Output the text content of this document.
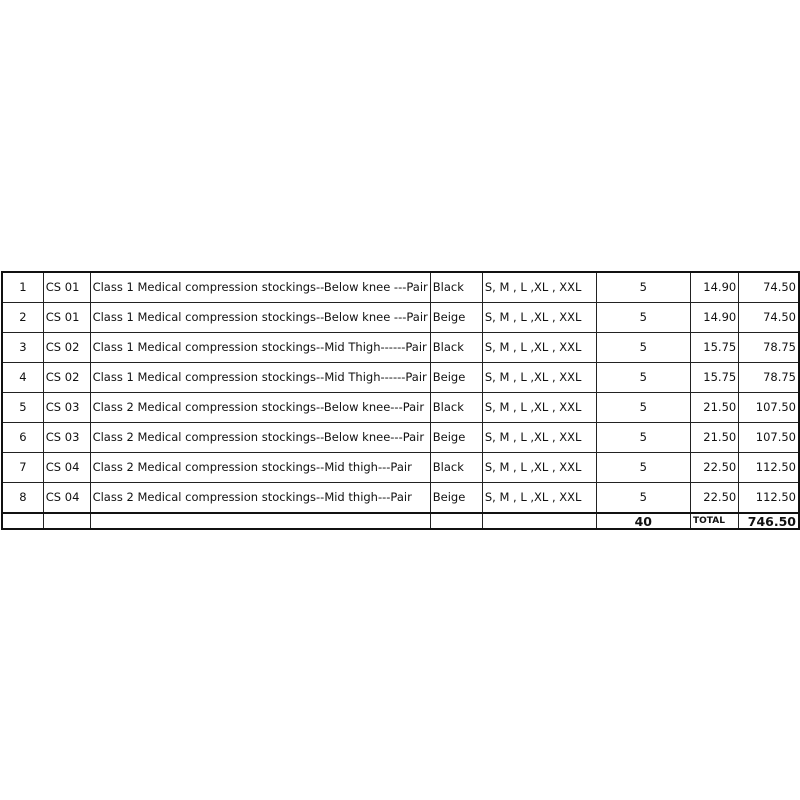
1	CS 01	Class 1 Medical compression stockings--Below knee ---Pair	Black	S, M , L ,XL , XXL	5	14.90	74.50
2	CS 01	Class 1 Medical compression stockings--Below knee ---Pair	Beige	S, M , L ,XL , XXL	5	14.90	74.50
3	CS 02	Class 1 Medical compression stockings--Mid Thigh------Pair	Black	S, M , L ,XL , XXL	5	15.75	78.75
4	CS 02	Class 1 Medical compression stockings--Mid Thigh------Pair	Beige	S, M , L ,XL , XXL	5	15.75	78.75
5	CS 03	Class 2 Medical compression stockings--Below knee---Pair	Black	S, M , L ,XL , XXL	5	21.50	107.50
6	CS 03	Class 2 Medical compression stockings--Below knee---Pair	Beige	S, M , L ,XL , XXL	5	21.50	107.50
7	CS 04	Class 2 Medical compression stockings--Mid thigh---Pair	Black	S, M , L ,XL , XXL	5	22.50	112.50
8	CS 04	Class 2 Medical compression stockings--Mid thigh---Pair	Beige	S, M , L ,XL , XXL	5	22.50	112.50
					40	TOTAL	746.50
